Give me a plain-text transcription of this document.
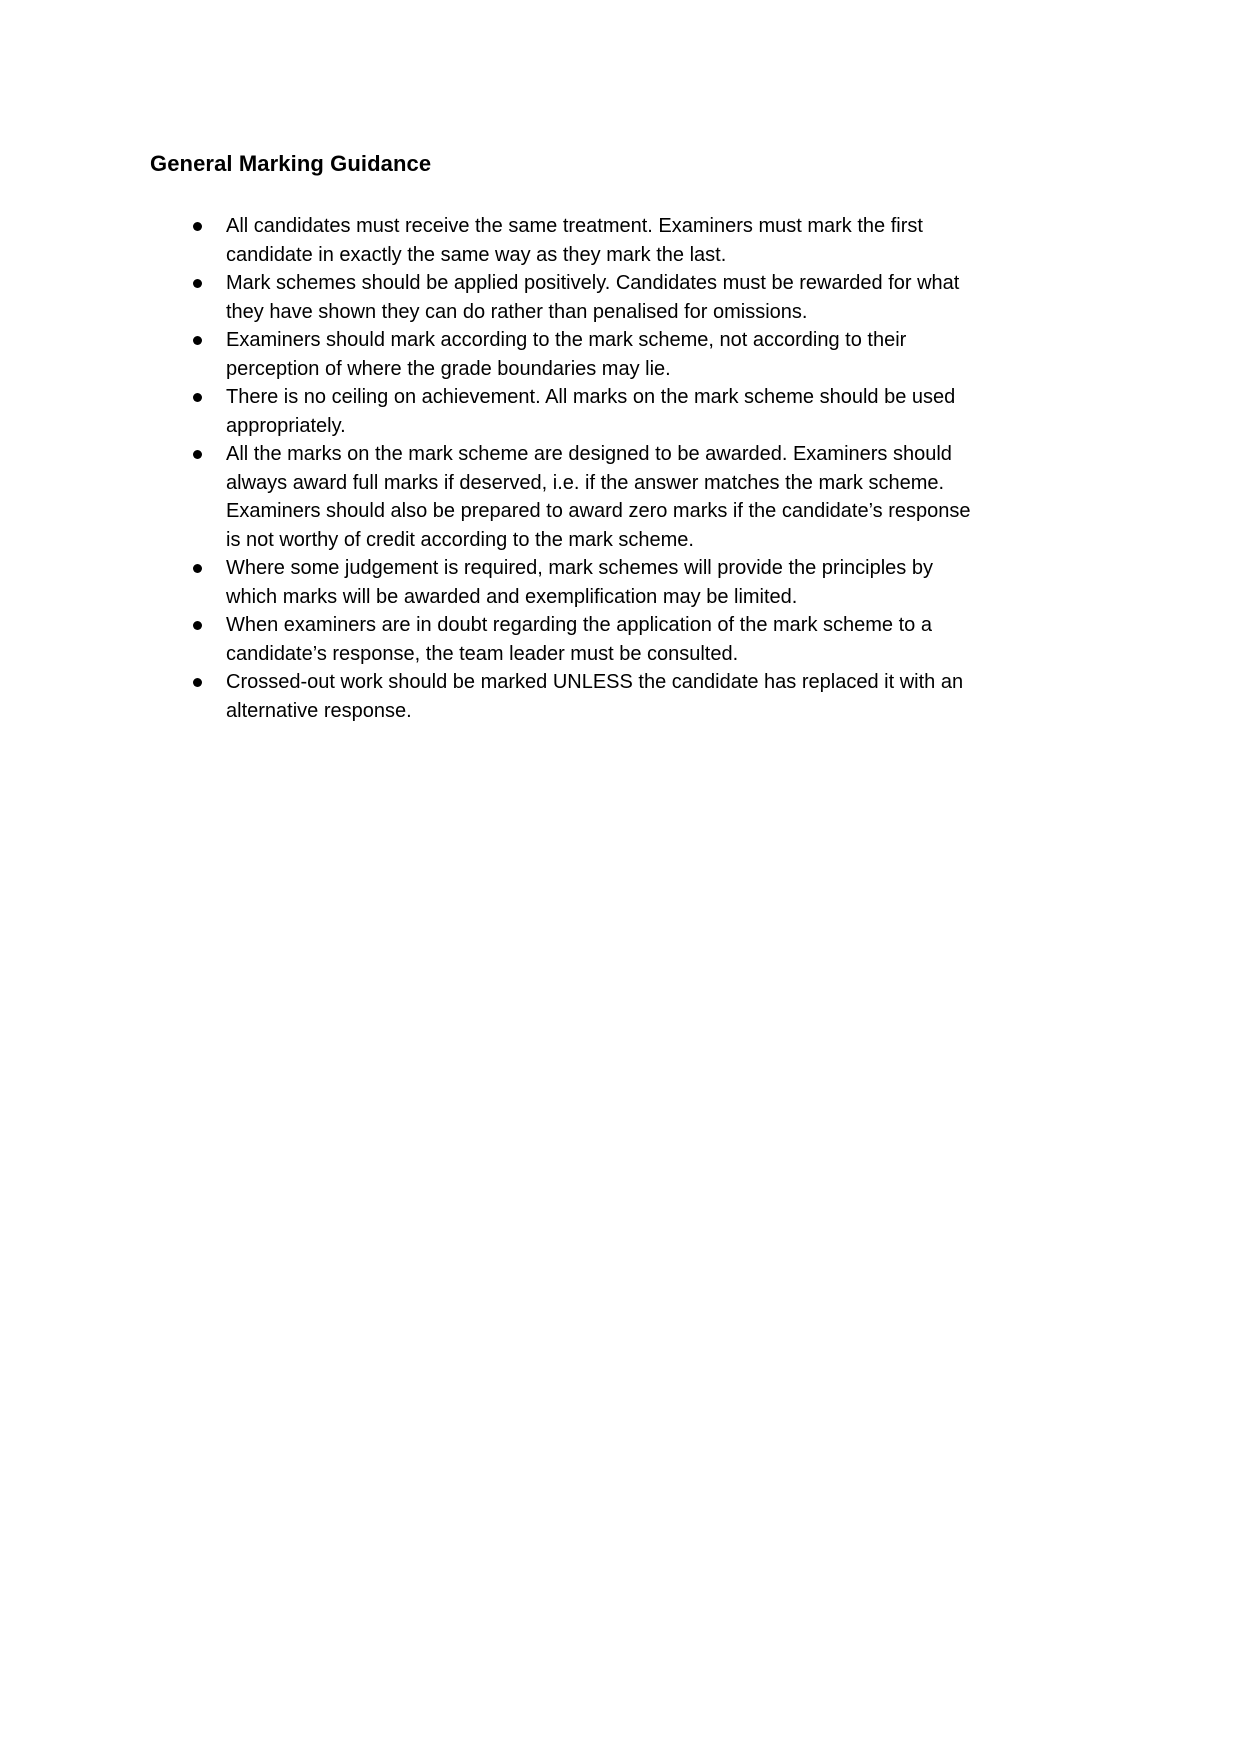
General Marking Guidance
All candidates must receive the same treatment. Examiners must mark the first candidate in exactly the same way as they mark the last.
Mark schemes should be applied positively. Candidates must be rewarded for what they have shown they can do rather than penalised for omissions.
Examiners should mark according to the mark scheme, not according to their perception of where the grade boundaries may lie.
There is no ceiling on achievement. All marks on the mark scheme should be used appropriately.
All the marks on the mark scheme are designed to be awarded. Examiners should always award full marks if deserved, i.e. if the answer matches the mark scheme. Examiners should also be prepared to award zero marks if the candidate’s response is not worthy of credit according to the mark scheme.
Where some judgement is required, mark schemes will provide the principles by which marks will be awarded and exemplification may be limited.
When examiners are in doubt regarding the application of the mark scheme to a candidate’s response, the team leader must be consulted.
Crossed-out work should be marked UNLESS the candidate has replaced it with an alternative response.
